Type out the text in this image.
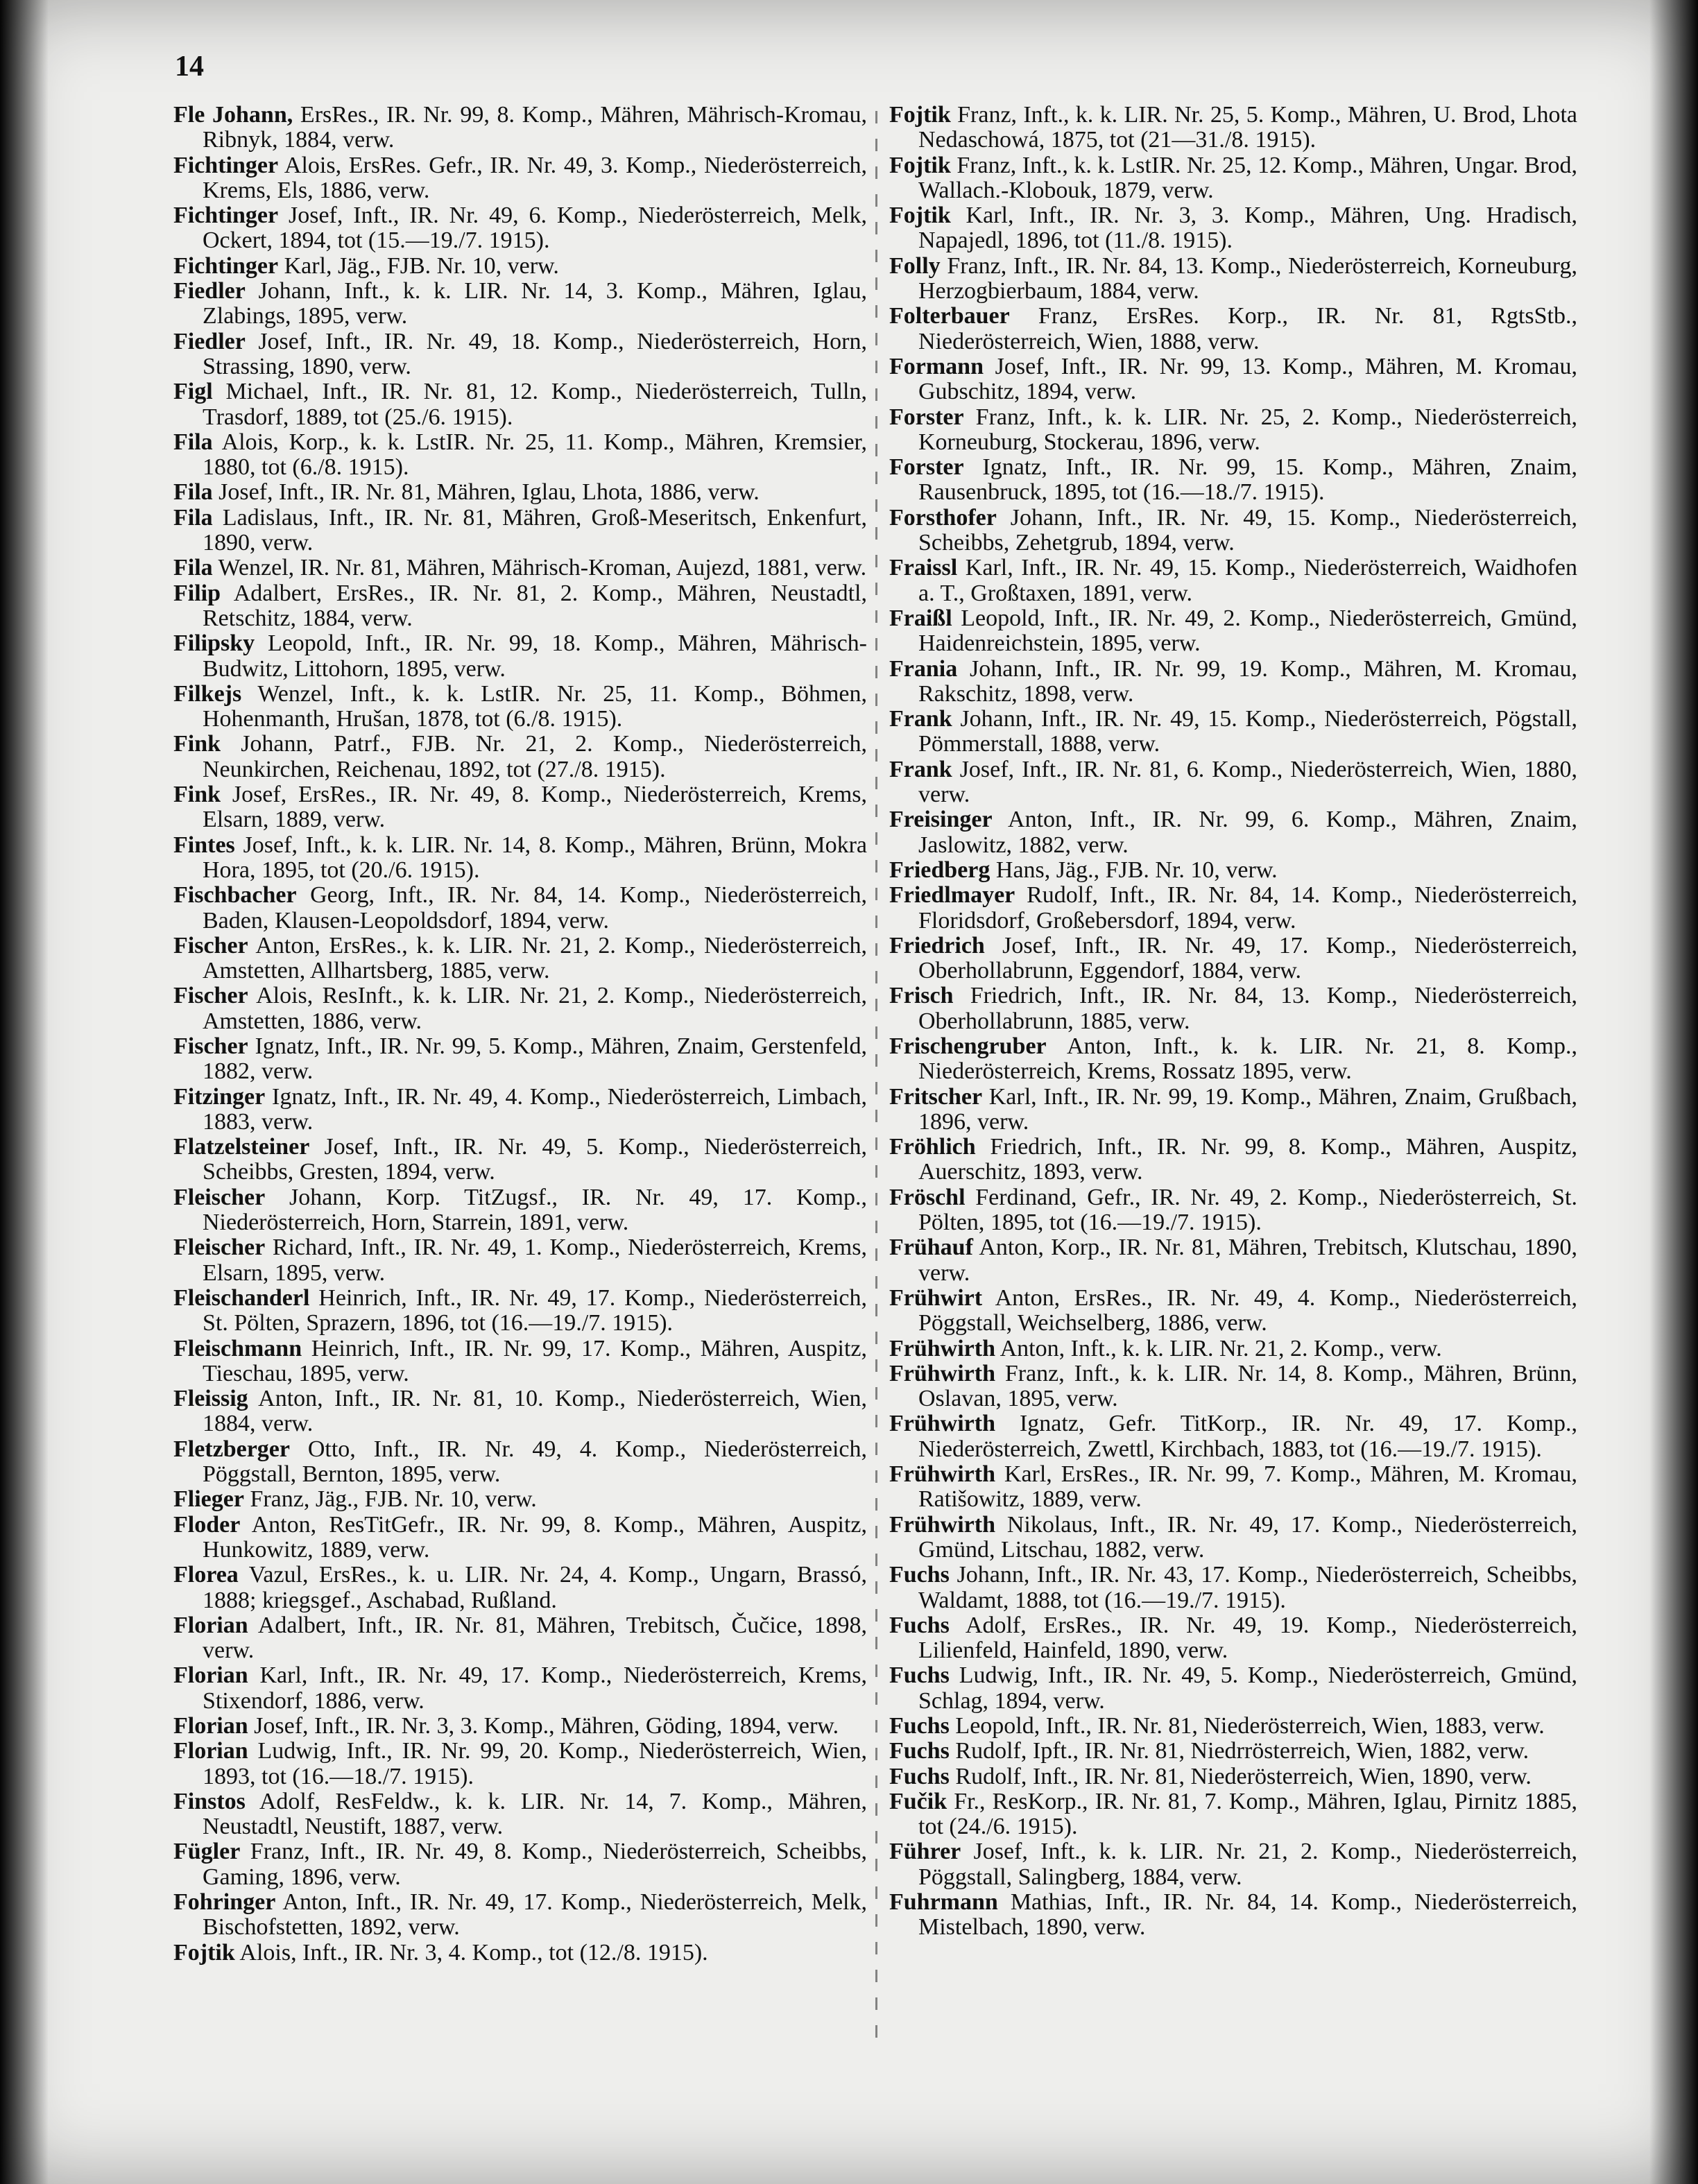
14

Fle Johann, ErsRes., IR. Nr. 99, 8. Komp., Mähren, Mährisch-Kromau, Ribnyk, 1884, verw.

Fichtinger Alois, ErsRes. Gefr., IR. Nr. 49, 3. Komp., Niederösterreich, Krems, Els, 1886, verw.

Fichtinger Josef, Inft., IR. Nr. 49, 6. Komp., Niederösterreich, Melk, Ockert, 1894, tot (15.—19./7. 1915).

Fichtinger Karl, Jäg., FJB. Nr. 10, verw.

Fiedler Johann, Inft., k. k. LIR. Nr. 14, 3. Komp., Mähren, Iglau, Zlabings, 1895, verw.

Fiedler Josef, Inft., IR. Nr. 49, 18. Komp., Niederösterreich, Horn, Strassing, 1890, verw.

Figl Michael, Inft., IR. Nr. 81, 12. Komp., Niederösterreich, Tulln, Trasdorf, 1889, tot (25./6. 1915).

Fila Alois, Korp., k. k. LstIR. Nr. 25, 11. Komp., Mähren, Kremsier, 1880, tot (6./8. 1915).

Fila Josef, Inft., IR. Nr. 81, Mähren, Iglau, Lhota, 1886, verw.

Fila Ladislaus, Inft., IR. Nr. 81, Mähren, Groß-Meseritsch, Enkenfurt, 1890, verw.

Fila Wenzel, IR. Nr. 81, Mähren, Mährisch-Kroman, Aujezd, 1881, verw.

Filip Adalbert, ErsRes., IR. Nr. 81, 2. Komp., Mähren, Neustadtl, Retschitz, 1884, verw.

Filipsky Leopold, Inft., IR. Nr. 99, 18. Komp., Mähren, Mährisch-Budwitz, Littohorn, 1895, verw.

Filkejs Wenzel, Inft., k. k. LstIR. Nr. 25, 11. Komp., Böhmen, Hohenmanth, Hrušan, 1878, tot (6./8. 1915).

Fink Johann, Patrf., FJB. Nr. 21, 2. Komp., Niederösterreich, Neunkirchen, Reichenau, 1892, tot (27./8. 1915).

Fink Josef, ErsRes., IR. Nr. 49, 8. Komp., Niederösterreich, Krems, Elsarn, 1889, verw.

Fintes Josef, Inft., k. k. LIR. Nr. 14, 8. Komp., Mähren, Brünn, Mokra Hora, 1895, tot (20./6. 1915).

Fischbacher Georg, Inft., IR. Nr. 84, 14. Komp., Niederösterreich, Baden, Klausen-Leopoldsdorf, 1894, verw.

Fischer Anton, ErsRes., k. k. LIR. Nr. 21, 2. Komp., Niederösterreich, Amstetten, Allhartsberg, 1885, verw.

Fischer Alois, ResInft., k. k. LIR. Nr. 21, 2. Komp., Niederösterreich, Amstetten, 1886, verw.

Fischer Ignatz, Inft., IR. Nr. 99, 5. Komp., Mähren, Znaim, Gerstenfeld, 1882, verw.

Fitzinger Ignatz, Inft., IR. Nr. 49, 4. Komp., Niederösterreich, Limbach, 1883, verw.

Flatzelsteiner Josef, Inft., IR. Nr. 49, 5. Komp., Niederösterreich, Scheibbs, Gresten, 1894, verw.

Fleischer Johann, Korp. TitZugsf., IR. Nr. 49, 17. Komp., Niederösterreich, Horn, Starrein, 1891, verw.

Fleischer Richard, Inft., IR. Nr. 49, 1. Komp., Niederösterreich, Krems, Elsarn, 1895, verw.

Fleischanderl Heinrich, Inft., IR. Nr. 49, 17. Komp., Niederösterreich, St. Pölten, Sprazern, 1896, tot (16.—19./7. 1915).

Fleischmann Heinrich, Inft., IR. Nr. 99, 17. Komp., Mähren, Auspitz, Tieschau, 1895, verw.

Fleissig Anton, Inft., IR. Nr. 81, 10. Komp., Niederösterreich, Wien, 1884, verw.

Fletzberger Otto, Inft., IR. Nr. 49, 4. Komp., Niederösterreich, Pöggstall, Bernton, 1895, verw.

Flieger Franz, Jäg., FJB. Nr. 10, verw.

Floder Anton, ResTitGefr., IR. Nr. 99, 8. Komp., Mähren, Auspitz, Hunkowitz, 1889, verw.

Florea Vazul, ErsRes., k. u. LIR. Nr. 24, 4. Komp., Ungarn, Brassó, 1888; kriegsgef., Aschabad, Rußland.

Florian Adalbert, Inft., IR. Nr. 81, Mähren, Trebitsch, Čučice, 1898, verw.

Florian Karl, Inft., IR. Nr. 49, 17. Komp., Niederösterreich, Krems, Stixendorf, 1886, verw.

Florian Josef, Inft., IR. Nr. 3, 3. Komp., Mähren, Göding, 1894, verw.

Florian Ludwig, Inft., IR. Nr. 99, 20. Komp., Niederösterreich, Wien, 1893, tot (16.—18./7. 1915).

Finstos Adolf, ResFeldw., k. k. LIR. Nr. 14, 7. Komp., Mähren, Neustadtl, Neustift, 1887, verw.

Fügler Franz, Inft., IR. Nr. 49, 8. Komp., Niederösterreich, Scheibbs, Gaming, 1896, verw.

Fohringer Anton, Inft., IR. Nr. 49, 17. Komp., Niederösterreich, Melk, Bischofstetten, 1892, verw.

Fojtik Alois, Inft., IR. Nr. 3, 4. Komp., tot (12./8. 1915).

Fojtik Franz, Inft., k. k. LIR. Nr. 25, 5. Komp., Mähren, U. Brod, Lhota Nedaschowá, 1875, tot (21—31./8. 1915).

Fojtik Franz, Inft., k. k. LstIR. Nr. 25, 12. Komp., Mähren, Ungar. Brod, Wallach.-Klobouk, 1879, verw.

Fojtik Karl, Inft., IR. Nr. 3, 3. Komp., Mähren, Ung. Hradisch, Napajedl, 1896, tot (11./8. 1915).

Folly Franz, Inft., IR. Nr. 84, 13. Komp., Niederösterreich, Korneuburg, Herzogbierbaum, 1884, verw.

Folterbauer Franz, ErsRes. Korp., IR. Nr. 81, RgtsStb., Niederösterreich, Wien, 1888, verw.

Formann Josef, Inft., IR. Nr. 99, 13. Komp., Mähren, M. Kromau, Gubschitz, 1894, verw.

Forster Franz, Inft., k. k. LIR. Nr. 25, 2. Komp., Niederösterreich, Korneuburg, Stockerau, 1896, verw.

Forster Ignatz, Inft., IR. Nr. 99, 15. Komp., Mähren, Znaim, Rausenbruck, 1895, tot (16.—18./7. 1915).

Forsthofer Johann, Inft., IR. Nr. 49, 15. Komp., Niederösterreich, Scheibbs, Zehetgrub, 1894, verw.

Fraissl Karl, Inft., IR. Nr. 49, 15. Komp., Niederösterreich, Waidhofen a. T., Großtaxen, 1891, verw.

Fraißl Leopold, Inft., IR. Nr. 49, 2. Komp., Niederösterreich, Gmünd, Haidenreichstein, 1895, verw.

Frania Johann, Inft., IR. Nr. 99, 19. Komp., Mähren, M. Kromau, Rakschitz, 1898, verw.

Frank Johann, Inft., IR. Nr. 49, 15. Komp., Niederösterreich, Pögstall, Pömmerstall, 1888, verw.

Frank Josef, Inft., IR. Nr. 81, 6. Komp., Niederösterreich, Wien, 1880, verw.

Freisinger Anton, Inft., IR. Nr. 99, 6. Komp., Mähren, Znaim, Jaslowitz, 1882, verw.

Friedberg Hans, Jäg., FJB. Nr. 10, verw.

Friedlmayer Rudolf, Inft., IR. Nr. 84, 14. Komp., Niederösterreich, Floridsdorf, Großebersdorf, 1894, verw.

Friedrich Josef, Inft., IR. Nr. 49, 17. Komp., Niederösterreich, Oberhollabrunn, Eggendorf, 1884, verw.

Frisch Friedrich, Inft., IR. Nr. 84, 13. Komp., Niederösterreich, Oberhollabrunn, 1885, verw.

Frischengruber Anton, Inft., k. k. LIR. Nr. 21, 8. Komp., Niederösterreich, Krems, Rossatz 1895, verw.

Fritscher Karl, Inft., IR. Nr. 99, 19. Komp., Mähren, Znaim, Grußbach, 1896, verw.

Fröhlich Friedrich, Inft., IR. Nr. 99, 8. Komp., Mähren, Auspitz, Auerschitz, 1893, verw.

Fröschl Ferdinand, Gefr., IR. Nr. 49, 2. Komp., Niederösterreich, St. Pölten, 1895, tot (16.—19./7. 1915).

Frühauf Anton, Korp., IR. Nr. 81, Mähren, Trebitsch, Klutschau, 1890, verw.

Frühwirt Anton, ErsRes., IR. Nr. 49, 4. Komp., Niederösterreich, Pöggstall, Weichselberg, 1886, verw.

Frühwirth Anton, Inft., k. k. LIR. Nr. 21, 2. Komp., verw.

Frühwirth Franz, Inft., k. k. LIR. Nr. 14, 8. Komp., Mähren, Brünn, Oslavan, 1895, verw.

Frühwirth Ignatz, Gefr. TitKorp., IR. Nr. 49, 17. Komp., Niederösterreich, Zwettl, Kirchbach, 1883, tot (16.—19./7. 1915).

Frühwirth Karl, ErsRes., IR. Nr. 99, 7. Komp., Mähren, M. Kromau, Ratišowitz, 1889, verw.

Frühwirth Nikolaus, Inft., IR. Nr. 49, 17. Komp., Niederösterreich, Gmünd, Litschau, 1882, verw.

Fuchs Johann, Inft., IR. Nr. 43, 17. Komp., Niederösterreich, Scheibbs, Waldamt, 1888, tot (16.—19./7. 1915).

Fuchs Adolf, ErsRes., IR. Nr. 49, 19. Komp., Niederösterreich, Lilienfeld, Hainfeld, 1890, verw.

Fuchs Ludwig, Inft., IR. Nr. 49, 5. Komp., Niederösterreich, Gmünd, Schlag, 1894, verw.

Fuchs Leopold, Inft., IR. Nr. 81, Niederösterreich, Wien, 1883, verw.

Fuchs Rudolf, Ipft., IR. Nr. 81, Niedrrösterreich, Wien, 1882, verw.

Fuchs Rudolf, Inft., IR. Nr. 81, Niederösterreich, Wien, 1890, verw.

Fučik Fr., ResKorp., IR. Nr. 81, 7. Komp., Mähren, Iglau, Pirnitz 1885, tot (24./6. 1915).

Führer Josef, Inft., k. k. LIR. Nr. 21, 2. Komp., Niederösterreich, Pöggstall, Salingberg, 1884, verw.

Fuhrmann Mathias, Inft., IR. Nr. 84, 14. Komp., Niederösterreich, Mistelbach, 1890, verw.
